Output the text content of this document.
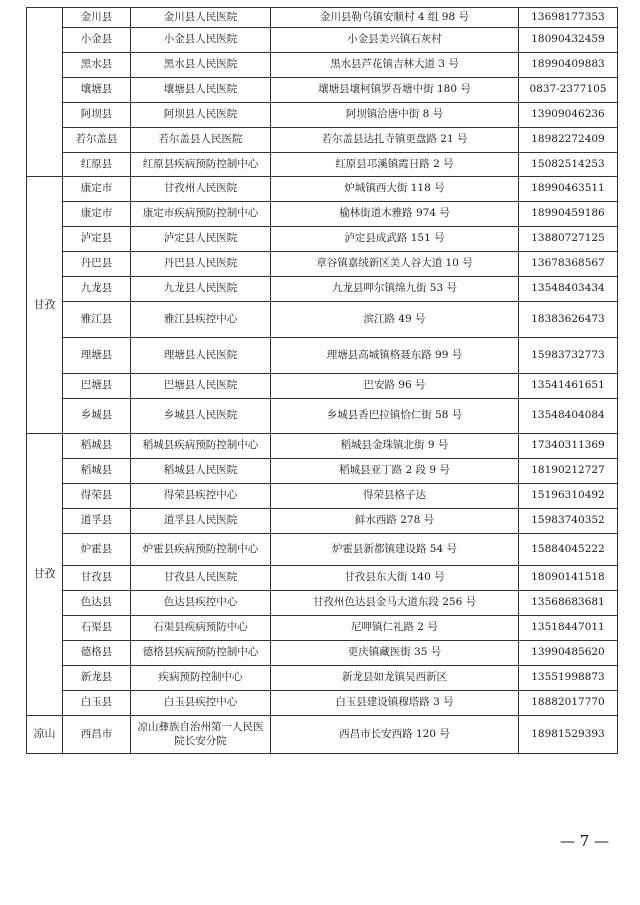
	金川县	金川县人民医院	金川县勒乌镇安顺村 4 组 98 号	13698177353
	小金县	小金县人民医院	小金县美兴镇石灰村	18090432459
	黑水县	黑水县人民医院	黑水县芦花镇吉林大道 3 号	18990409883
	壤塘县	壤塘县人民医院	壤塘县壤柯镇罗吾塘中街 180 号	0837-2377105
	阿坝县	阿坝县人民医院	阿坝镇洽唐中街 8 号	13909046236
	若尔盖县	若尔盖县人民医院	若尔盖县达扎寺镇更盘路 21 号	18982272409
	红原县	红原县疾病预防控制中心	红原县邛溪镇霞日路 2 号	15082514253
甘孜	康定市	甘孜州人民医院	炉城镇西大街 118 号	18990463511
	康定市	康定市疾病预防控制中心	榆林街道木雅路 974 号	18990459186
	泸定县	泸定县人民医院	泸定县成武路 151 号	13880727125
	丹巴县	丹巴县人民医院	章谷镇嘉绒新区美人谷大道 10 号	13678368567
	九龙县	九龙县人民医院	九龙县呷尔镇绵九街 53 号	13548403434
	雅江县	雅江县疾控中心	滨江路 49 号	18383626473
	理塘县	理塘县人民医院	理塘县高城镇格聂东路 99 号	15983732773
	巴塘县	巴塘县人民医院	巴安路 96 号	13541461651
	乡城县	乡城县人民医院	乡城县香巴拉镇恰仁街 58 号	13548404084
甘孜	稻城县	稻城县疾病预防控制中心	稻城县金珠镇北街 9 号	17340311369
	稻城县	稻城县人民医院	稻城县亚丁路 2 段 9 号	18190212727
	得荣县	得荣县疾控中心	得荣县格子达	15196310492
	道孚县	道孚县人民医院	鲜水西路 278 号	15983740352
	炉霍县	炉霍县疾病预防控制中心	炉霍县新都镇建设路 54 号	15884045222
	甘孜县	甘孜县人民医院	甘孜县东大街 140 号	18090141518
	色达县	色达县疾控中心	甘孜州色达县金马大道东段 256 号	13568683681
	石渠县	石渠县疾病预防中心	尼呷镇仁礼路 2 号	13518447011
	德格县	德格县疾病预防控制中心	更庆镇藏医街 35 号	13990485620
	新龙县	疾病预防控制中心	新龙县如龙镇吴西新区	13551998873
	白玉县	白玉县疾控中心	白玉县建设镇穆塔路 3 号	18882017770
凉山	西昌市	凉山彝族自治州第一人民医院长安分院	西昌市长安西路 120 号	18981529393
— 7 —
